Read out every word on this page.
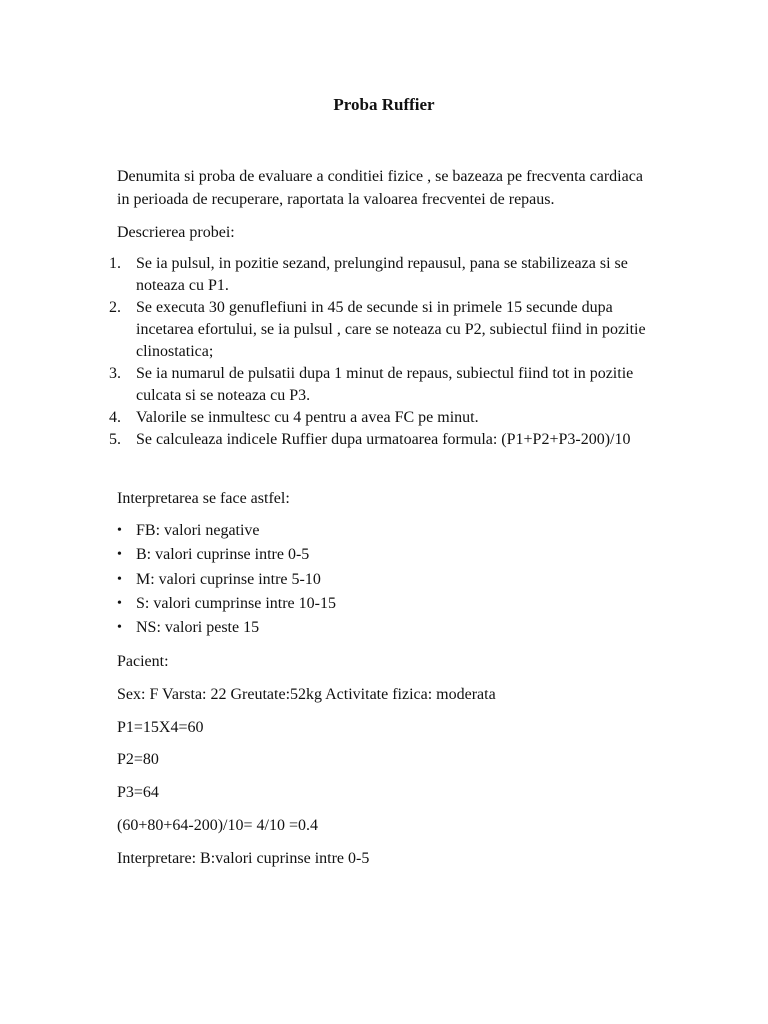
Proba Ruffier

Denumita si proba de evaluare a conditiei fizice , se bazeaza pe frecventa cardiaca in perioada de recuperare, raportata la valoarea frecventei de repaus.

Descrierea probei:

1. Se ia pulsul, in pozitie sezand, prelungind repausul, pana se stabilizeaza si se noteaza cu P1.
2. Se executa 30 genuflefiuni in 45 de secunde si in primele 15 secunde dupa incetarea efortului, se ia pulsul , care se noteaza cu P2, subiectul fiind in pozitie clinostatica;
3. Se ia numarul de pulsatii dupa 1 minut de repaus, subiectul fiind tot in pozitie culcata si se noteaza cu P3.
4. Valorile se inmultesc cu 4 pentru a avea FC pe minut.
5. Se calculeaza indicele Ruffier dupa urmatoarea formula: (P1+P2+P3-200)/10

Interpretarea se face astfel:

• FB: valori negative
• B: valori cuprinse intre 0-5
• M: valori cuprinse intre 5-10
• S: valori cumprinse intre 10-15
• NS: valori peste 15

Pacient:

Sex: F Varsta: 22 Greutate:52kg Activitate fizica: moderata

P1=15X4=60

P2=80

P3=64

(60+80+64-200)/10= 4/10 =0.4

Interpretare: B:valori cuprinse intre 0-5
